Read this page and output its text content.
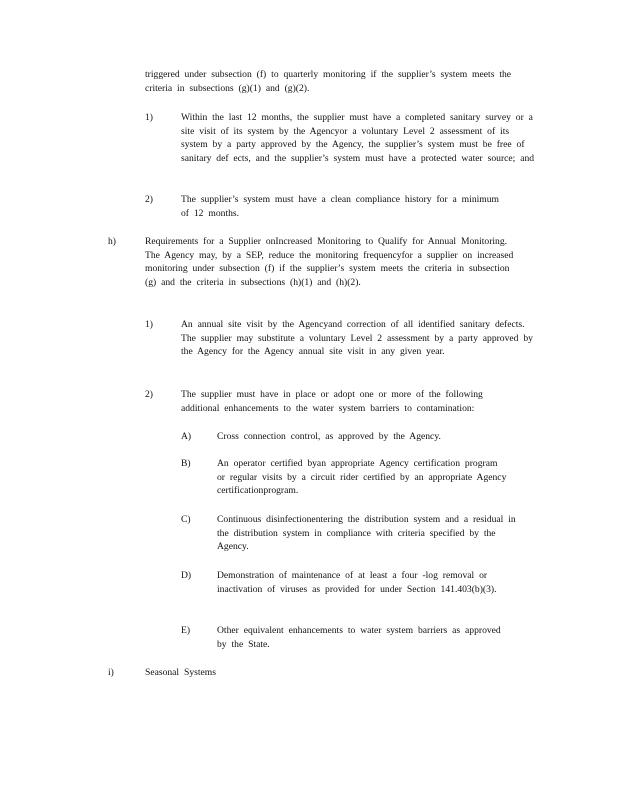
triggered under subsection (f) to quarterly monitoring if the supplier’s system meets the criteria in subsections (g)(1) and (g)(2).
1)	Within the last 12 months, the supplier must have a completed sanitary survey or a site visit of its system by the Agencyor a voluntary Level 2 assessment of its system by a party approved by the Agency, the supplier’s system must be free of sanitary def ects, and the supplier’s system must have a protected water source; and
2)	The supplier’s system must have a clean compliance history for a minimum of 12 months.
h)	Requirements for a Supplier onIncreased Monitoring to Qualify for Annual Monitoring. The Agency may, by a SEP, reduce the monitoring frequencyfor a supplier on increased monitoring under subsection (f) if the supplier’s system meets the criteria in subsection (g) and the criteria in subsections (h)(1) and (h)(2).
1)	An annual site visit by the Agencyand correction of all identified sanitary defects. The supplier may substitute a voluntary Level 2 assessment by a party approved by the Agency for the Agency annual site visit in any given year.
2)	The supplier must have in place or adopt one or more of the following additional enhancements to the water system barriers to contamination:
A)	Cross connection control, as approved by the Agency.
B)	An operator certified byan appropriate Agency certification program or regular visits by a circuit rider certified by an appropriate Agency certificationprogram.
C)	Continuous disinfectionentering the distribution system and a residual in the distribution system in compliance with criteria specified by the Agency.
D)	Demonstration of maintenance of at least a four -log removal or inactivation of viruses as provided for under Section 141.403(b)(3).
E)	Other equivalent enhancements to water system barriers as approved by the State.
i)	Seasonal Systems
